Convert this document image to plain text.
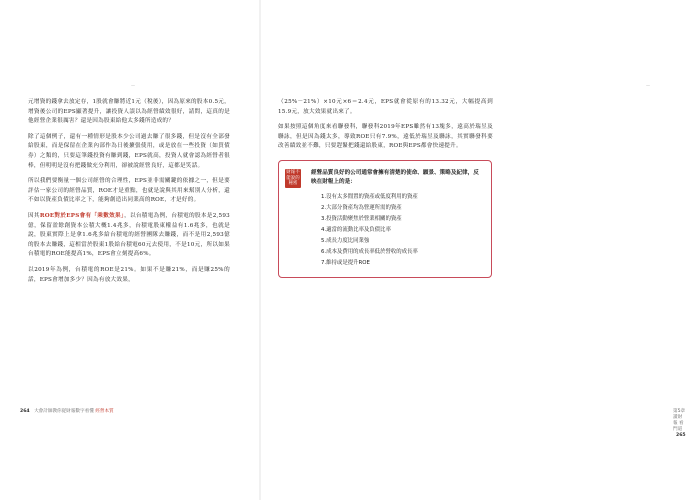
—

元增資的錢拿去放定存，1股就會賺將近1元（稅後），因為原來的股本0.5元，增資後公司的EPS顯著提升，讓投資人誤以為經營績效很好，請問，這真的是他經營企業很厲害？還是因為股東給他太多錢所造成的？

除了這個例子，還有一種情形是股本少公司過去賺了很多錢，但是沒有全部發給股東，而是保留在企業內部作為日後擴張使用，或是放在一些投資（如買債券）之類的，只要這筆錢投資有賺到錢，EPS就高，投資人就會認為經營者很棒，但明明是沒有把錢做充分利用，卻被說經營良好，這都是笑話。

所以我們要衡量一個公司經營的合理性，EPS並非需關鍵的依據之一，但是要評估一家公司的經營品質，ROE才是重點，也就是說與其用來幫別人分析，還不如以資產負債比率之下，能夠創造出同業高的ROE，才是好的。

因其ROE對於EPS會有「乘數效果」，以台積電為例，台積電的股本是2,593億，保留盈餘創資本公積大概1.4兆多，台積電股東權益有1.6兆多，也就是說，股東實際上是拿1.6兆多給台積電的經營團隊去賺錢，而不是用2,593億的股本去賺錢，這相當於股東1股給台積電60元去使用，不是10元，所以如果台積電的ROE能提高1%，EPS會立刻提高6%。

以2019年為例，台積電的ROE是21%。如果不是賺21%，而是賺25%的話，EPS會增加多少？因為有放大效果，

264 大會計師教你從財報數字看懂 經營本質
—
第5章 讀財報 看門道 265

（25%－21%）×10元×6＝2.4元，EPS就會從原有的13.32元，大幅提高到15.9元，放大效果就出來了。

如果按照這個角度來看聯發科，聯發科2019年EPS雖然有13塊多，遠高於瑞昱及聯詠，但是因為錢太多，導致ROE只有7.9%，遠低於瑞昱及聯詠，其實聯發科要改善績效並不難，只要趕緊把錢還給股東，ROE與EPS都會快速提升。

財報不能說的秘密
經營品質良好的公司通常會擁有清楚的使命、願景、策略及紀律，反映在財報上的是：
1.沒有太多閒置的資產或低度利用的資產
2.大部分資產均為營運所需的資產
3.投資活動聚焦於營業相關的資產
4.適當的流動比率及負債比率
5.成長力度比同業強
6.成本及費用的成長率低於營收的成長率
7.維持或是提升ROE
